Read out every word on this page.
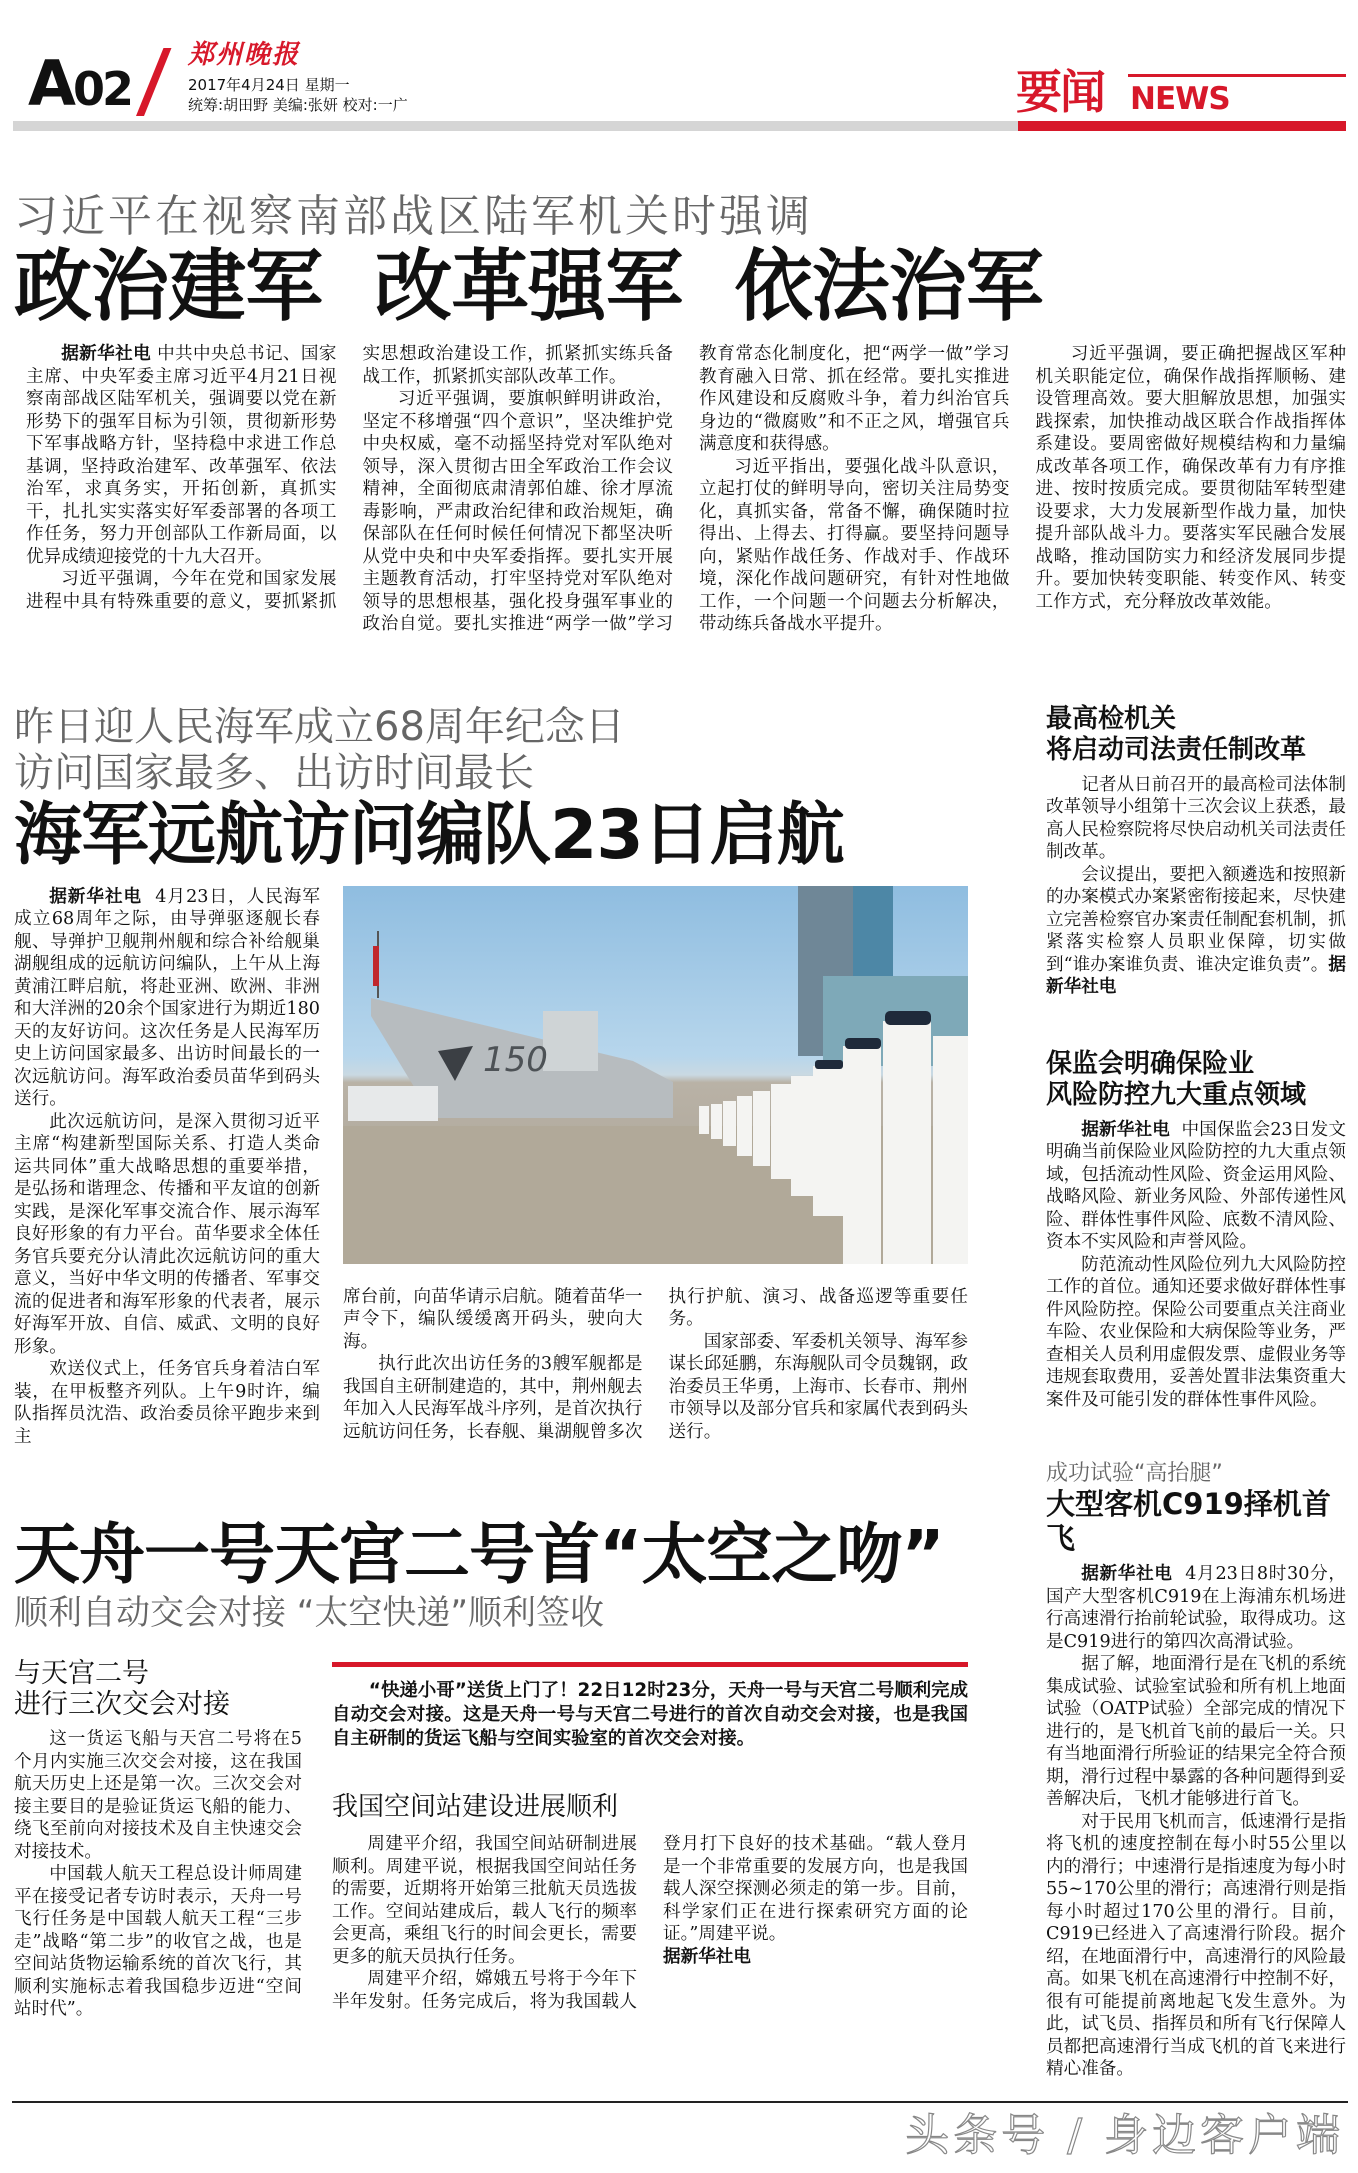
A02
郑州晚报
2017年4月24日 星期一
统筹:胡田野 美编:张妍 校对:一广	要闻 NEWS
习近平在视察南部战区陆军机关时强调
政治建军  改革强军  依法治军

据新华社电 中共中央总书记、国家主席、中央军委主席习近平4月21日视察南部战区陆军机关，强调要以党在新形势下的强军目标为引领，贯彻新形势下军事战略方针，坚持稳中求进工作总基调，坚持政治建军、改革强军、依法治军，求真务实，开拓创新，真抓实干，扎扎实实落实好军委部署的各项工作任务，努力开创部队工作新局面，以优异成绩迎接党的十九大召开。

习近平强调，今年在党和国家发展进程中具有特殊重要的意义，要抓紧抓实思想政治建设工作，抓紧抓实练兵备战工作，抓紧抓实部队改革工作。

习近平强调，要旗帜鲜明讲政治，坚定不移增强“四个意识”，坚决维护党中央权威，毫不动摇坚持党对军队绝对领导，深入贯彻古田全军政治工作会议精神，全面彻底肃清郭伯雄、徐才厚流毒影响，严肃政治纪律和政治规矩，确保部队在任何时候任何情况下都坚决听从党中央和中央军委指挥。要扎实开展主题教育活动，打牢坚持党对军队绝对领导的思想根基，强化投身强军事业的政治自觉。要扎实推进“两学一做”学习教育常态化制度化，把“两学一做”学习教育融入日常、抓在经常。要扎实推进作风建设和反腐败斗争，着力纠治官兵身边的“微腐败”和不正之风，增强官兵满意度和获得感。

习近平指出，要强化战斗队意识，立起打仗的鲜明导向，密切关注局势变化，真抓实备，常备不懈，确保随时拉得出、上得去、打得赢。要坚持问题导向，紧贴作战任务、作战对手、作战环境，深化作战问题研究，有针对性地做工作，一个问题一个问题去分析解决，带动练兵备战水平提升。

习近平强调，要正确把握战区军种机关职能定位，确保作战指挥顺畅、建设管理高效。要大胆解放思想，加强实践探索，加快推动战区联合作战指挥体系建设。要周密做好规模结构和力量编成改革各项工作，确保改革有力有序推进、按时按质完成。要贯彻陆军转型建设要求，大力发展新型作战力量，加快提升部队战斗力。要落实军民融合发展战略，推动国防实力和经济发展同步提升。要加快转变职能、转变作风、转变工作方式，充分释放改革效能。

昨日迎人民海军成立68周年纪念日
访问国家最多、出访时间最长
海军远航访问编队23日启航

据新华社电 4月23日，人民海军成立68周年之际，由导弹驱逐舰长春舰、导弹护卫舰荆州舰和综合补给舰巢湖舰组成的远航访问编队，上午从上海黄浦江畔启航，将赴亚洲、欧洲、非洲和大洋洲的20余个国家进行为期近180天的友好访问。这次任务是人民海军历史上访问国家最多、出访时间最长的一次远航访问。海军政治委员苗华到码头送行。

此次远航访问，是深入贯彻习近平主席“构建新型国际关系、打造人类命运共同体”重大战略思想的重要举措，是弘扬和谐理念、传播和平友谊的创新实践，是深化军事交流合作、展示海军良好形象的有力平台。苗华要求全体任务官兵要充分认清此次远航访问的重大意义，当好中华文明的传播者、军事交流的促进者和海军形象的代表者，展示好海军开放、自信、威武、文明的良好形象。

欢送仪式上，任务官兵身着洁白军装，在甲板整齐列队。上午9时许，编队指挥员沈浩、政治委员徐平跑步来到主

150

席台前，向苗华请示启航。随着苗华一声令下，编队缓缓离开码头，驶向大海。

执行此次出访任务的3艘军舰都是我国自主研制建造的，其中，荆州舰去年加入人民海军战斗序列，是首次执行远航访问任务，长春舰、巢湖舰曾多次执行护航、演习、战备巡逻等重要任务。

国家部委、军委机关领导、海军参谋长邱延鹏，东海舰队司令员魏钢，政治委员王华勇，上海市、长春市、荆州市领导以及部分官兵和家属代表到码头送行。

天舟一号天宫二号首“太空之吻”
顺利自动交会对接 “太空快递”顺利签收
与天宫二号
进行三次交会对接

这一货运飞船与天宫二号将在5个月内实施三次交会对接，这在我国航天历史上还是第一次。三次交会对接主要目的是验证货运飞船的能力、绕飞至前向对接技术及自主快速交会对接技术。

中国载人航天工程总设计师周建平在接受记者专访时表示，天舟一号飞行任务是中国载人航天工程“三步走”战略“第二步”的收官之战，也是空间站货物运输系统的首次飞行，其顺利实施标志着我国稳步迈进“空间站时代”。

“快递小哥”送货上门了！22日12时23分，天舟一号与天宫二号顺利完成自动交会对接。这是天舟一号与天宫二号进行的首次自动交会对接，也是我国自主研制的货运飞船与空间实验室的首次交会对接。

我国空间站建设进展顺利

周建平介绍，我国空间站研制进展顺利。周建平说，根据我国空间站任务的需要，近期将开始第三批航天员选拔工作。空间站建成后，载人飞行的频率会更高，乘组飞行的时间会更长，需要更多的航天员执行任务。

周建平介绍，嫦娥五号将于今年下半年发射。任务完成后，将为我国载人登月打下良好的技术基础。“载人登月是一个非常重要的发展方向，也是我国载人深空探测必须走的第一步。目前，科学家们正在进行探索研究方面的论证。”周建平说。

据新华社电

最高检机关
将启动司法责任制改革

记者从日前召开的最高检司法体制改革领导小组第十三次会议上获悉，最高人民检察院将尽快启动机关司法责任制改革。

会议提出，要把入额遴选和按照新的办案模式办案紧密衔接起来，尽快建立完善检察官办案责任制配套机制，抓紧落实检察人员职业保障，切实做到“谁办案谁负责、谁决定谁负责”。据新华社电

保监会明确保险业
风险防控九大重点领域

据新华社电 中国保监会23日发文明确当前保险业风险防控的九大重点领域，包括流动性风险、资金运用风险、战略风险、新业务风险、外部传递性风险、群体性事件风险、底数不清风险、资本不实风险和声誉风险。

防范流动性风险位列九大风险防控工作的首位。通知还要求做好群体性事件风险防控。保险公司要重点关注商业车险、农业保险和大病保险等业务，严查相关人员利用虚假发票、虚假业务等违规套取费用，妥善处置非法集资重大案件及可能引发的群体性事件风险。

成功试验“高抬腿”
大型客机C919择机首飞

据新华社电 4月23日8时30分，国产大型客机C919在上海浦东机场进行高速滑行抬前轮试验，取得成功。这是C919进行的第四次高滑试验。

据了解，地面滑行是在飞机的系统集成试验、试验室试验和所有机上地面试验（OATP试验）全部完成的情况下进行的，是飞机首飞前的最后一关。只有当地面滑行所验证的结果完全符合预期，滑行过程中暴露的各种问题得到妥善解决后，飞机才能够进行首飞。

对于民用飞机而言，低速滑行是指将飞机的速度控制在每小时55公里以内的滑行；中速滑行是指速度为每小时55~170公里的滑行；高速滑行则是指每小时超过170公里的滑行。目前，C919已经进入了高速滑行阶段。据介绍，在地面滑行中，高速滑行的风险最高。如果飞机在高速滑行中控制不好，很有可能提前离地起飞发生意外。为此，试飞员、指挥员和所有飞行保障人员都把高速滑行当成飞机的首飞来进行精心准备。

头条号 / 身边客户端
